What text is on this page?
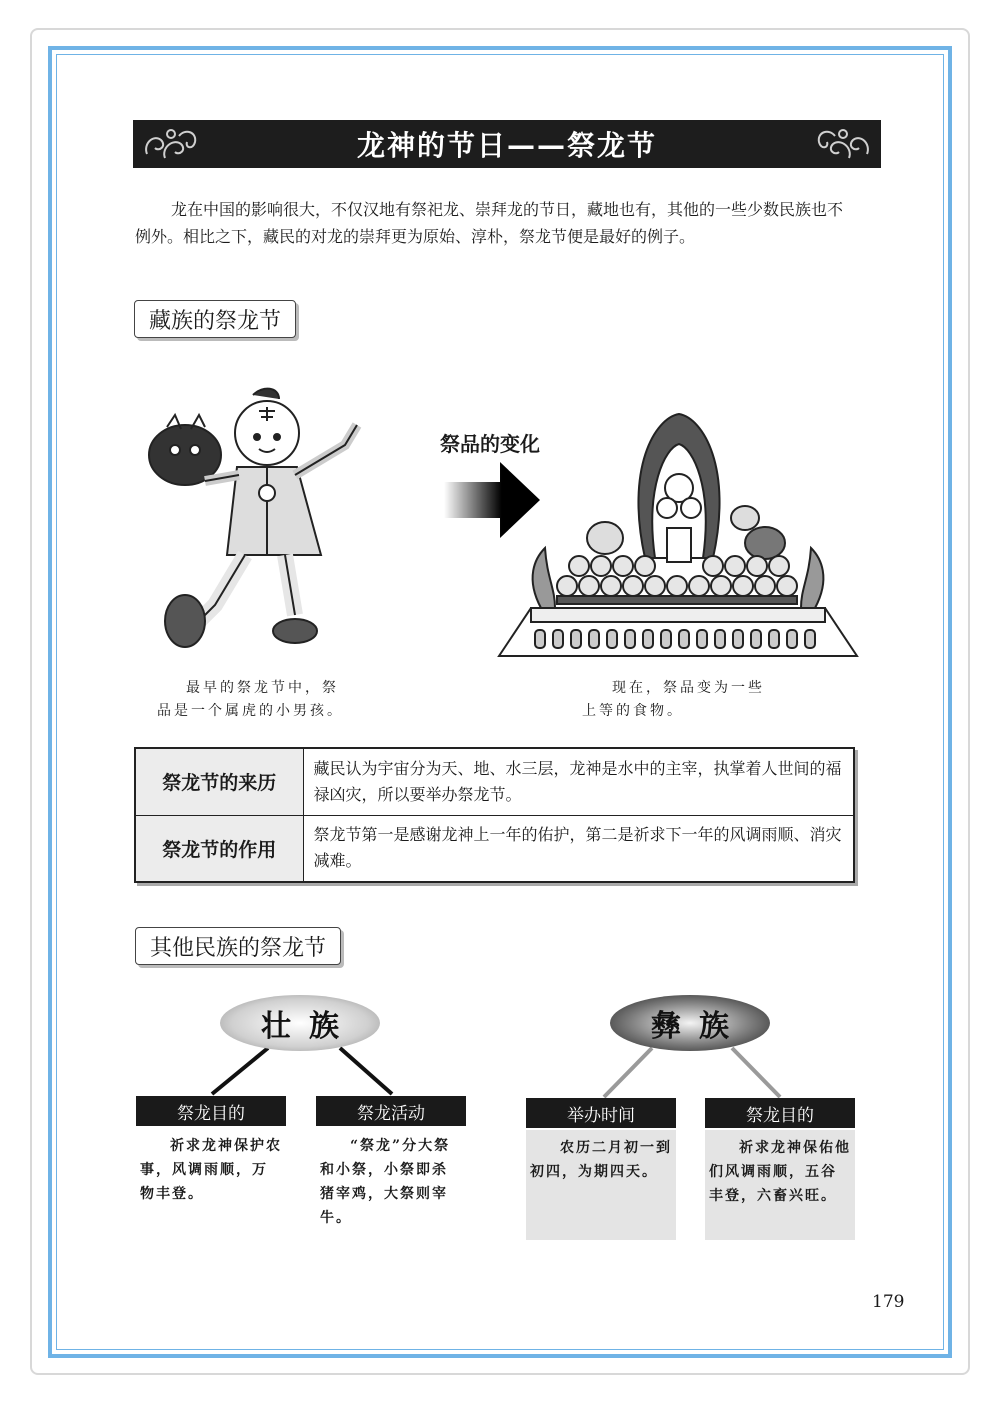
龙神的节日——祭龙节

龙在中国的影响很大，不仅汉地有祭祀龙、崇拜龙的节日，藏地也有，其他的一些少数民族也不例外。相比之下，藏民的对龙的崇拜更为原始、淳朴，祭龙节便是最好的例子。

藏族的祭龙节
祭品的变化
最早的祭龙节中，祭
品是一个属虎的小男孩。
现在，祭品变为一些
上等的食物。
祭龙节的来历	藏民认为宇宙分为天、地、水三层，龙神是水中的主宰，执掌着人世间的福禄凶灾，所以要举办祭龙节。
祭龙节的作用	祭龙节第一是感谢龙神上一年的佑护，第二是祈求下一年的风调雨顺、消灾减难。
其他民族的祭龙节
壮族
祭龙目的

祈求龙神保护农事，风调雨顺，万物丰登。

祭龙活动

“祭龙”分大祭和小祭，小祭即杀猪宰鸡，大祭则宰牛。

彝族
举办时间

农历二月初一到初四，为期四天。

祭龙目的

祈求龙神保佑他们风调雨顺，五谷丰登，六畜兴旺。

179
